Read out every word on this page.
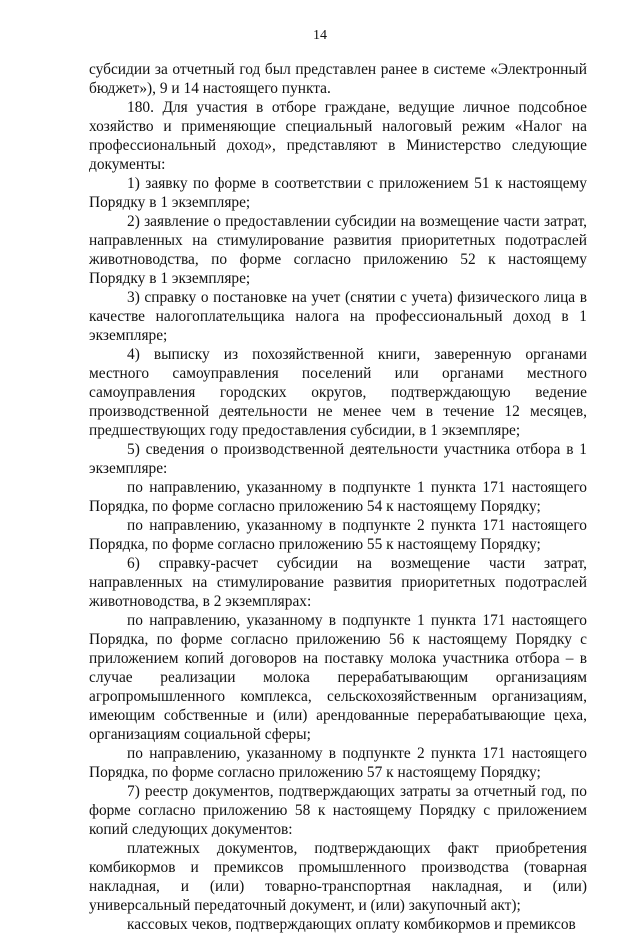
14

субсидии за отчетный год был представлен ранее в системе «Электронный бюджет»), 9 и 14 настоящего пункта.

180. Для участия в отборе граждане, ведущие личное подсобное хозяйство и применяющие специальный налоговый режим «Налог на профессиональный доход», представляют в Министерство следующие документы:

1) заявку по форме в соответствии с приложением 51 к настоящему Порядку в 1 экземпляре;

2) заявление о предоставлении субсидии на возмещение части затрат, направленных на стимулирование развития приоритетных подотраслей животноводства, по форме согласно приложению 52 к настоящему Порядку в 1 экземпляре;

3) справку о постановке на учет (снятии с учета) физического лица в качестве налогоплательщика налога на профессиональный доход в 1 экземпляре;

4) выписку из похозяйственной книги, заверенную органами местного самоуправления поселений или органами местного самоуправления городских округов, подтверждающую ведение производственной деятельности не менее чем в течение 12 месяцев, предшествующих году предоставления субсидии, в 1 экземпляре;

5) сведения о производственной деятельности участника отбора в 1 экземпляре:

по направлению, указанному в подпункте 1 пункта 171 настоящего Порядка, по форме согласно приложению 54 к настоящему Порядку;

по направлению, указанному в подпункте 2 пункта 171 настоящего Порядка, по форме согласно приложению 55 к настоящему Порядку;

6) справку-расчет субсидии на возмещение части затрат, направленных на стимулирование развития приоритетных подотраслей животноводства, в 2 экземплярах:

по направлению, указанному в подпункте 1 пункта 171 настоящего Порядка, по форме согласно приложению 56 к настоящему Порядку с приложением копий договоров на поставку молока участника отбора – в случае реализации молока перерабатывающим организациям агропромышленного комплекса, сельскохозяйственным организациям, имеющим собственные и (или) арендованные перерабатывающие цеха, организациям социальной сферы;

по направлению, указанному в подпункте 2 пункта 171 настоящего Порядка, по форме согласно приложению 57 к настоящему Порядку;

7) реестр документов, подтверждающих затраты за отчетный год, по форме согласно приложению 58 к настоящему Порядку с приложением копий следующих документов:

платежных документов, подтверждающих факт приобретения комбикормов и премиксов промышленного производства (товарная накладная, и (или) товарно-транспортная накладная, и (или) универсальный передаточный документ, и (или) закупочный акт);

кассовых чеков, подтверждающих оплату комбикормов и премиксов
